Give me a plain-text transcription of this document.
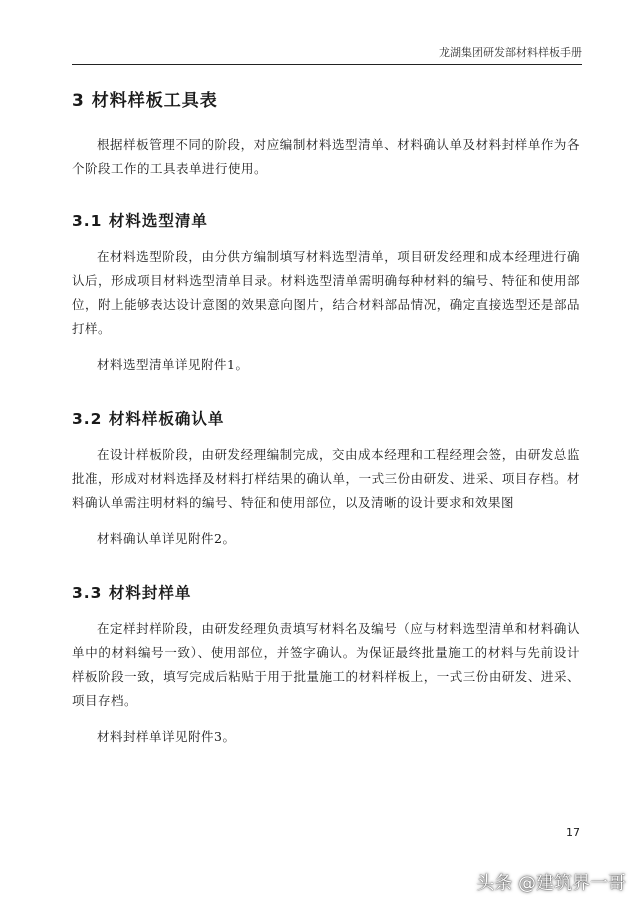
龙湖集团研发部材料样板手册
3 材料样板工具表

根据样板管理不同的阶段，对应编制材料选型清单、材料确认单及材料封样单作为各个阶段工作的工具表单进行使用。

3.1 材料选型清单

在材料选型阶段，由分供方编制填写材料选型清单，项目研发经理和成本经理进行确认后，形成项目材料选型清单目录。材料选型清单需明确每种材料的编号、特征和使用部位，附上能够表达设计意图的效果意向图片，结合材料部品情况，确定直接选型还是部品打样。

材料选型清单详见附件1。

3.2 材料样板确认单

在设计样板阶段，由研发经理编制完成，交由成本经理和工程经理会签，由研发总监批准，形成对材料选择及材料打样结果的确认单，一式三份由研发、进采、项目存档。材料确认单需注明材料的编号、特征和使用部位，以及清晰的设计要求和效果图

材料确认单详见附件2。

3.3 材料封样单

在定样封样阶段，由研发经理负责填写材料名及编号（应与材料选型清单和材料确认单中的材料编号一致）、使用部位，并签字确认。为保证最终批量施工的材料与先前设计样板阶段一致，填写完成后粘贴于用于批量施工的材料样板上，一式三份由研发、进采、项目存档。

材料封样单详见附件3。

17
头条 @建筑界一哥
